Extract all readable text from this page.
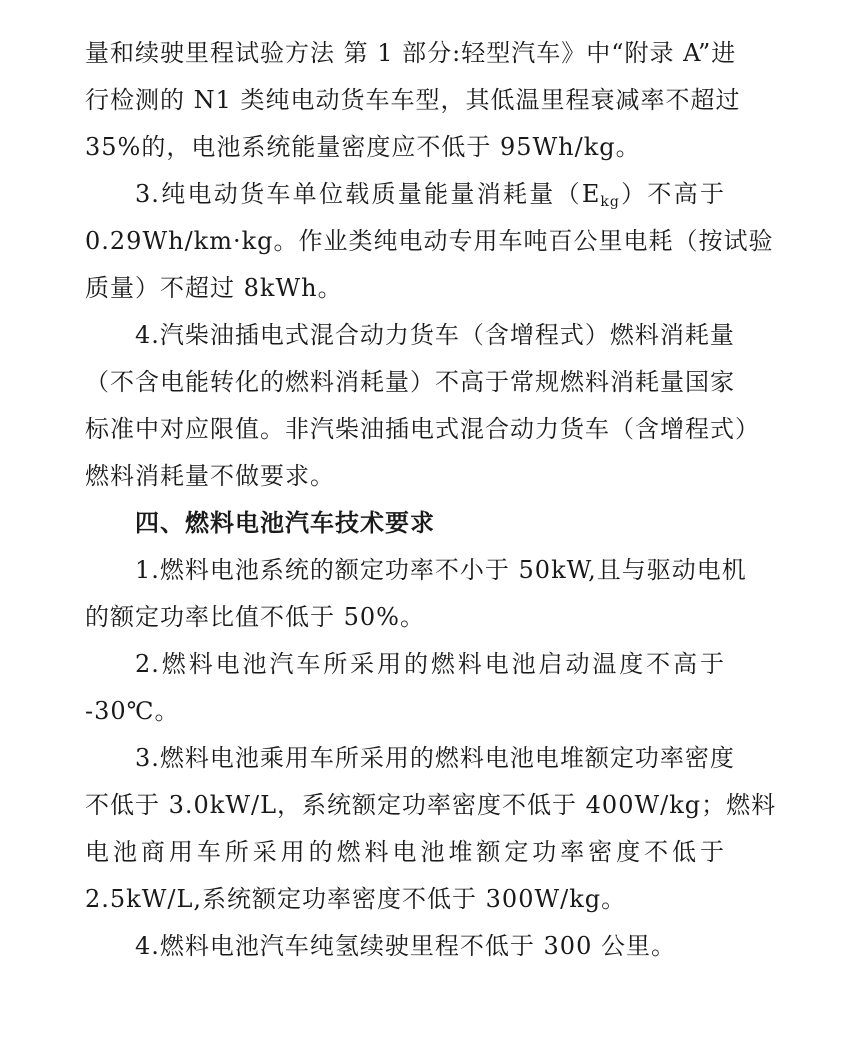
量和续驶里程试验方法 第 1 部分:轻型汽车》中“附录 A”进
行检测的 N1 类纯电动货车车型，其低温里程衰减率不超过
35%的，电池系统能量密度应不低于 95Wh/kg。
3.纯电动货车单位载质量能量消耗量$(E_{kg})$不高于
0.29Wh/km·kg。作业类纯电动专用车吨百公里电耗（按试验
质量）不超过 8kWh。
4.汽柴油插电式混合动力货车（含增程式）燃料消耗量
（不含电能转化的燃料消耗量）不高于常规燃料消耗量国家
标准中对应限值。非汽柴油插电式混合动力货车（含增程式）
燃料消耗量不做要求。
四、燃料电池汽车技术要求
1.燃料电池系统的额定功率不小于 50kW,且与驱动电机
的额定功率比值不低于 50%。
2.燃料电池汽车所采用的燃料电池启动温度不高于
-30℃。
3.燃料电池乘用车所采用的燃料电池电堆额定功率密度
不低于 3.0kW/L，系统额定功率密度不低于 400W/kg；燃料
电池商用车所采用的燃料电池堆额定功率密度不低于
2.5kW/L,系统额定功率密度不低于 300W/kg。
4.燃料电池汽车纯氢续驶里程不低于 300 公里。
